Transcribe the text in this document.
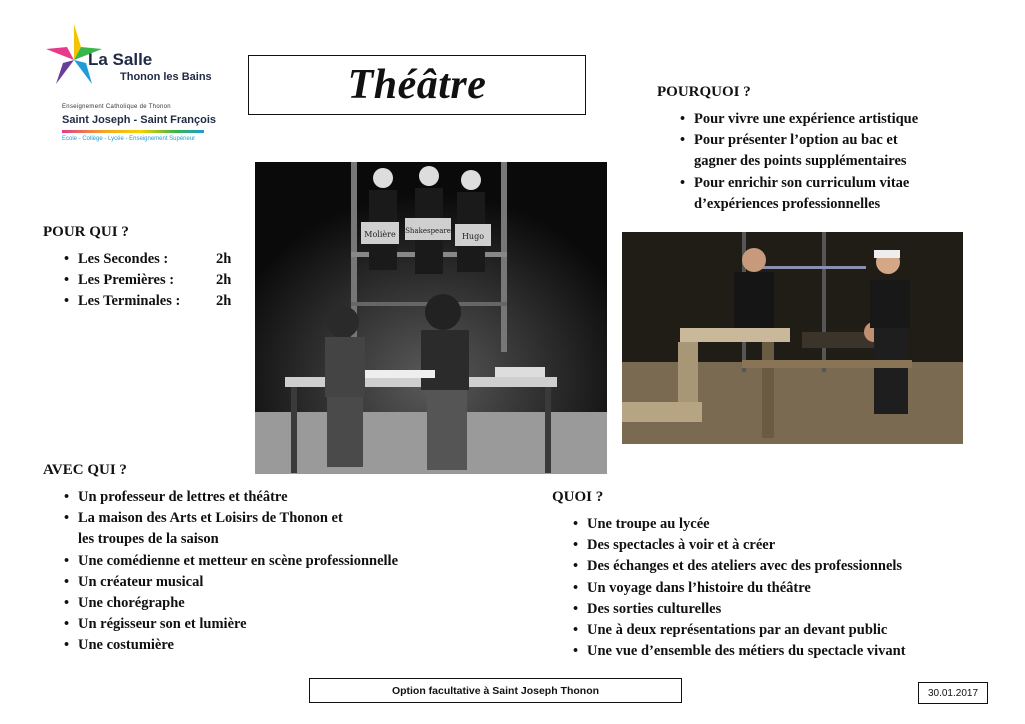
La Salle
Thonon les Bains
Enseignement Catholique de Thonon
Saint Joseph - Saint François
Ecole - Collège - Lycée - Enseignement Supérieur
Théâtre	POURQUOI ?
• Pour vivre une expérience artistique
• Pour présenter l’option au bac et
gagner des points supplémentaires
• Pour enrichir son curriculum vitae
d’expériences professionnelles
POUR QUI ?
• Les Secondes :	2h
• Les Premières :	2h
• Les Terminales : 2h
Molière Shakespeare
Hugo
AVEC QUI ?
• Un professeur de lettres et théâtre
• La maison des Arts et Loisirs de Thonon et
les troupes de la saison
• Une comédienne et metteur en scène professionnelle
• Un créateur musical
• Une chorégraphe
• Un régisseur son et lumière
• Une costumière
QUOI ?
• Une troupe au lycée
• Des spectacles à voir et à créer
• Des échanges et des ateliers avec des professionnels
• Un voyage dans l’histoire du théâtre
• Des sorties culturelles
• Une à deux représentations par an devant public
• Une vue d’ensemble des métiers du spectacle vivant
Option facultative à Saint Joseph Thonon	30.01.2017
